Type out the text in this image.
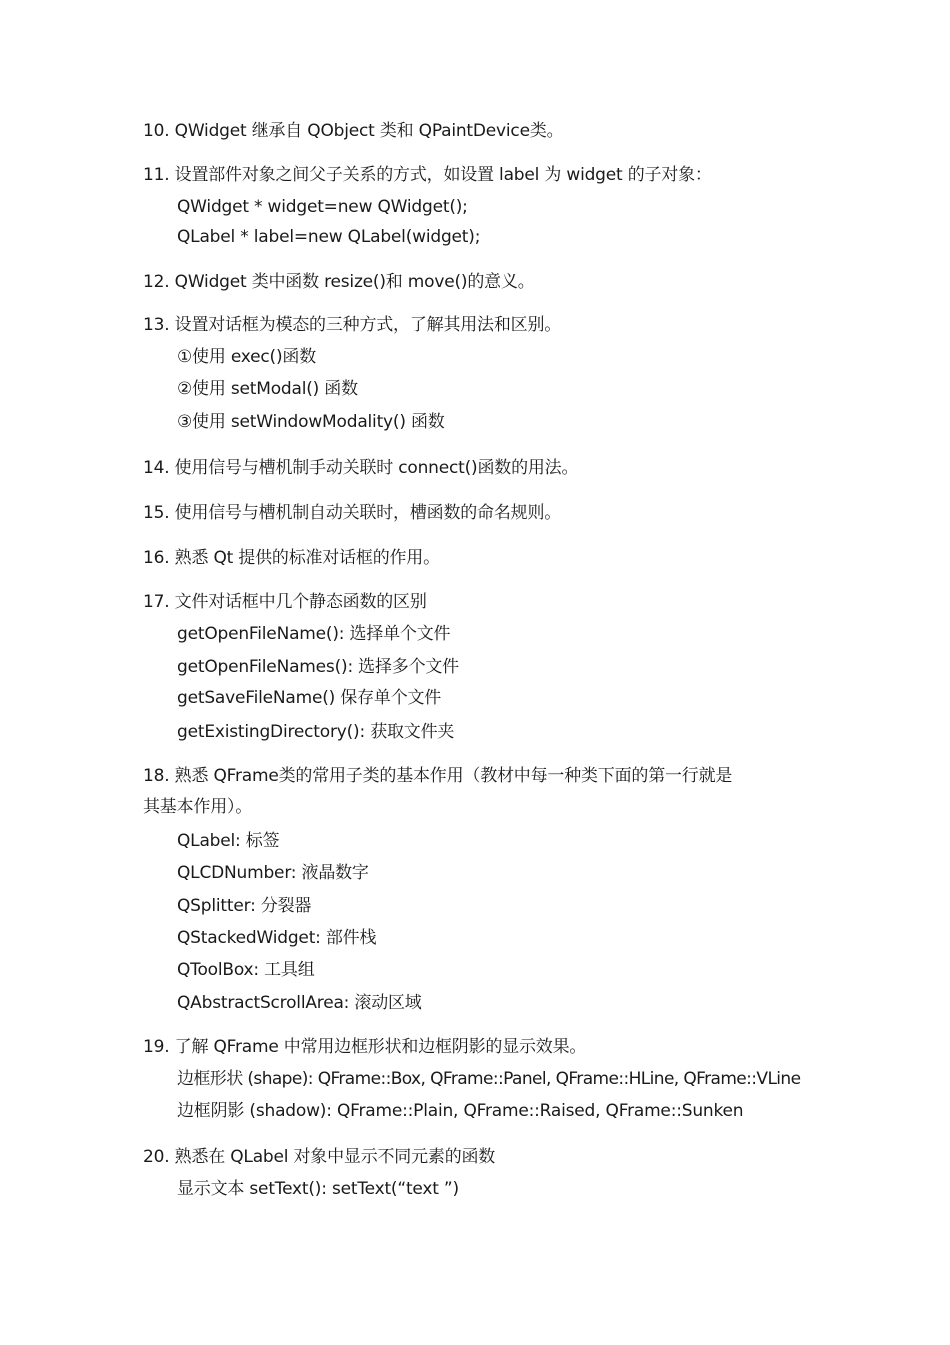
10. QWidget 继承自 QObject 类和 QPaintDevice类。
11. 设置部件对象之间父子关系的方式，如设置 label 为 widget 的子对象：
QWidget * widget=new QWidget();
QLabel * label=new QLabel(widget);
12. QWidget 类中函数 resize()和 move()的意义。
13. 设置对话框为模态的三种方式，了解其用法和区别。
①使用 exec()函数
②使用 setModal() 函数
③使用 setWindowModality() 函数
14. 使用信号与槽机制手动关联时 connect()函数的用法。
15. 使用信号与槽机制自动关联时，槽函数的命名规则。
16. 熟悉 Qt 提供的标准对话框的作用。
17. 文件对话框中几个静态函数的区别
getOpenFileName(): 选择单个文件
getOpenFileNames(): 选择多个文件
getSaveFileName() 保存单个文件
getExistingDirectory(): 获取文件夹
18. 熟悉 QFrame类的常用子类的基本作用（教材中每一种类下面的第一行就是
其基本作用）。
QLabel: 标签
QLCDNumber: 液晶数字
QSplitter: 分裂器
QStackedWidget: 部件栈
QToolBox: 工具组
QAbstractScrollArea: 滚动区域
19. 了解 QFrame 中常用边框形状和边框阴影的显示效果。
边框形状 (shape): QFrame::Box, QFrame::Panel, QFrame::HLine, QFrame::VLine
边框阴影 (shadow): QFrame::Plain, QFrame::Raised, QFrame::Sunken
20. 熟悉在 QLabel 对象中显示不同元素的函数
显示文本 setText(): setText(“text ”)
